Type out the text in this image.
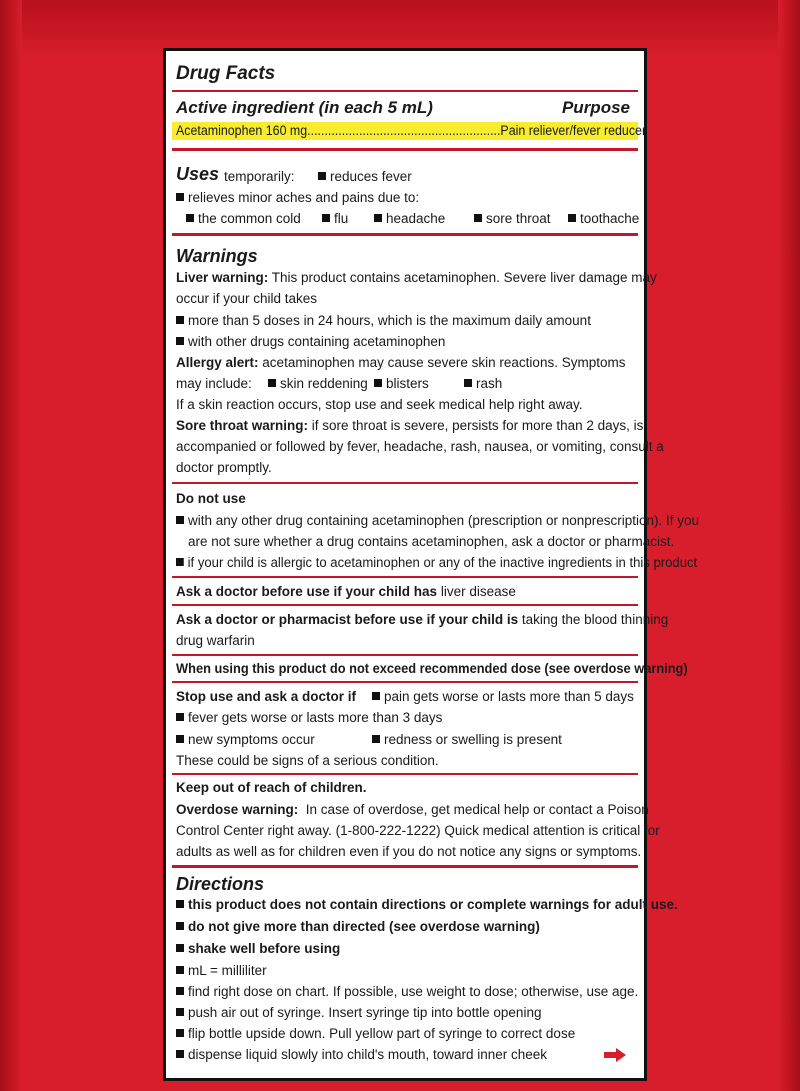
Drug Facts
Active ingredient (in each 5 mL)	Purpose
Acetaminophen 160 mg........................................................Pain reliever/fever reducer
Uses temporarily:	reduces fever
relieves minor aches and pains due to:
the common cold	flu	headache	sore throat	toothache
Warnings
Liver warning: This product contains acetaminophen. Severe liver damage may
occur if your child takes
more than 5 doses in 24 hours, which is the maximum daily amount
with other drugs containing acetaminophen
Allergy alert: acetaminophen may cause severe skin reactions. Symptoms
may include:	skin reddening	blisters	rash
If a skin reaction occurs, stop use and seek medical help right away.
Sore throat warning: if sore throat is severe, persists for more than 2 days, is
accompanied or followed by fever, headache, rash, nausea, or vomiting, consult a
doctor promptly.
Do not use
with any other drug containing acetaminophen (prescription or nonprescription). If you
are not sure whether a drug contains acetaminophen, ask a doctor or pharmacist.
if your child is allergic to acetaminophen or any of the inactive ingredients in this product
Ask a doctor before use if your child has liver disease
Ask a doctor or pharmacist before use if your child is taking the blood thinning
drug warfarin
When using this product do not exceed recommended dose (see overdose warning)
Stop use and ask a doctor if	pain gets worse or lasts more than 5 days
fever gets worse or lasts more than 3 days
new symptoms occur	redness or swelling is present
These could be signs of a serious condition.
Keep out of reach of children.
Overdose warning: In case of overdose, get medical help or contact a Poison
Control Center right away. (1-800-222-1222) Quick medical attention is critical for
adults as well as for children even if you do not notice any signs or symptoms.
Directions
this product does not contain directions or complete warnings for adult use.
do not give more than directed (see overdose warning)
shake well before using
mL = milliliter
find right dose on chart. If possible, use weight to dose; otherwise, use age.
push air out of syringe. Insert syringe tip into bottle opening
flip bottle upside down. Pull yellow part of syringe to correct dose
dispense liquid slowly into child's mouth, toward inner cheek
